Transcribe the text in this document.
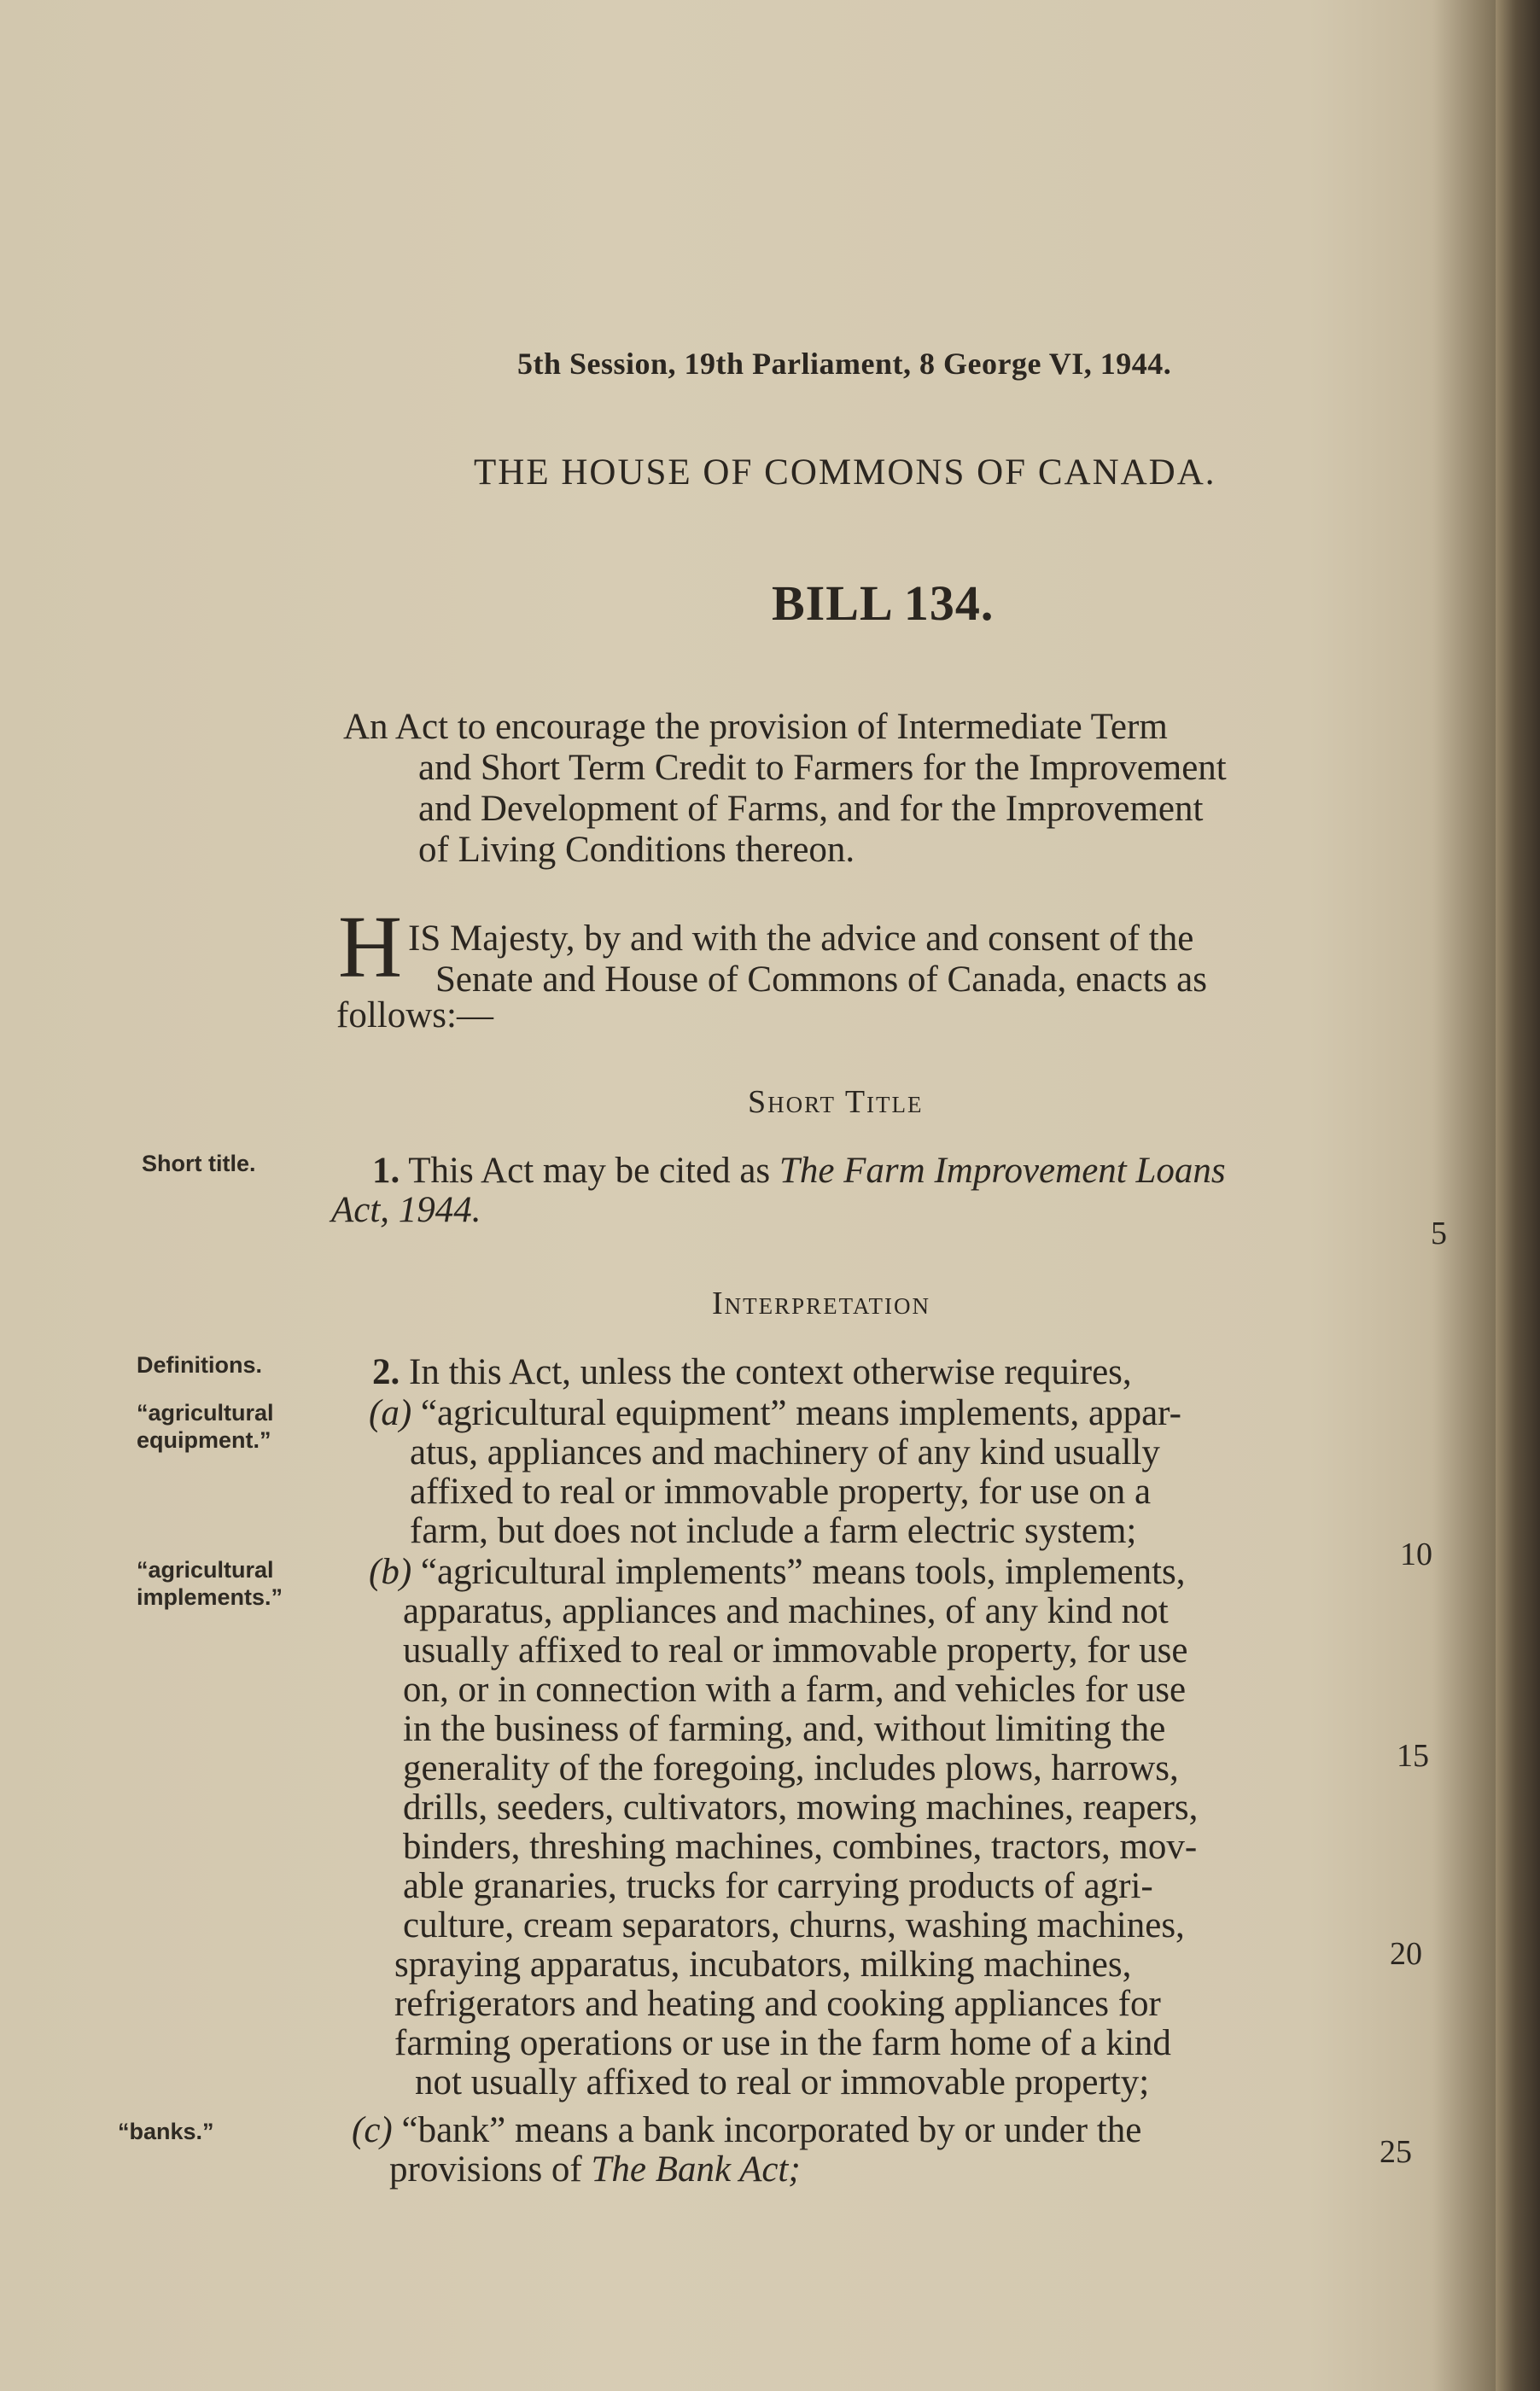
5th Session, 19th Parliament, 8 George VI, 1944.
THE HOUSE OF COMMONS OF CANADA.
BILL 134.
An Act to encourage the provision of Intermediate Term
and Short Term Credit to Farmers for the Improvement
and Development of Farms, and for the Improvement
of Living Conditions thereon.
H IS Majesty, by and with the advice and consent of the
Senate and House of Commons of Canada, enacts as
follows:—
Short Title
Short title.	1. This Act may be cited as The Farm Improvement Loans
Act, 1944.
5
Interpretation
Definitions.	2. In this Act, unless the context otherwise requires,
“agricultural
equipment.”
(a) “agricultural equipment” means implements, appar-
atus, appliances and machinery of any kind usually
affixed to real or immovable property, for use on a
farm, but does not include a farm electric system;
10
“agricultural
implements.”
(b) “agricultural implements” means tools, implements,
apparatus, appliances and machines, of any kind not
usually affixed to real or immovable property, for use
on, or in connection with a farm, and vehicles for use
in the business of farming, and, without limiting the
15
generality of the foregoing, includes plows, harrows,
drills, seeders, cultivators, mowing machines, reapers,
binders, threshing machines, combines, tractors, mov-
able granaries, trucks for carrying products of agri-
culture, cream separators, churns, washing machines,
20
spraying apparatus, incubators, milking machines,
refrigerators and heating and cooking appliances for
farming operations or use in the farm home of a kind
not usually affixed to real or immovable property;
“banks.”	(c) “bank” means a bank incorporated by or under the
25
provisions of The Bank Act;
